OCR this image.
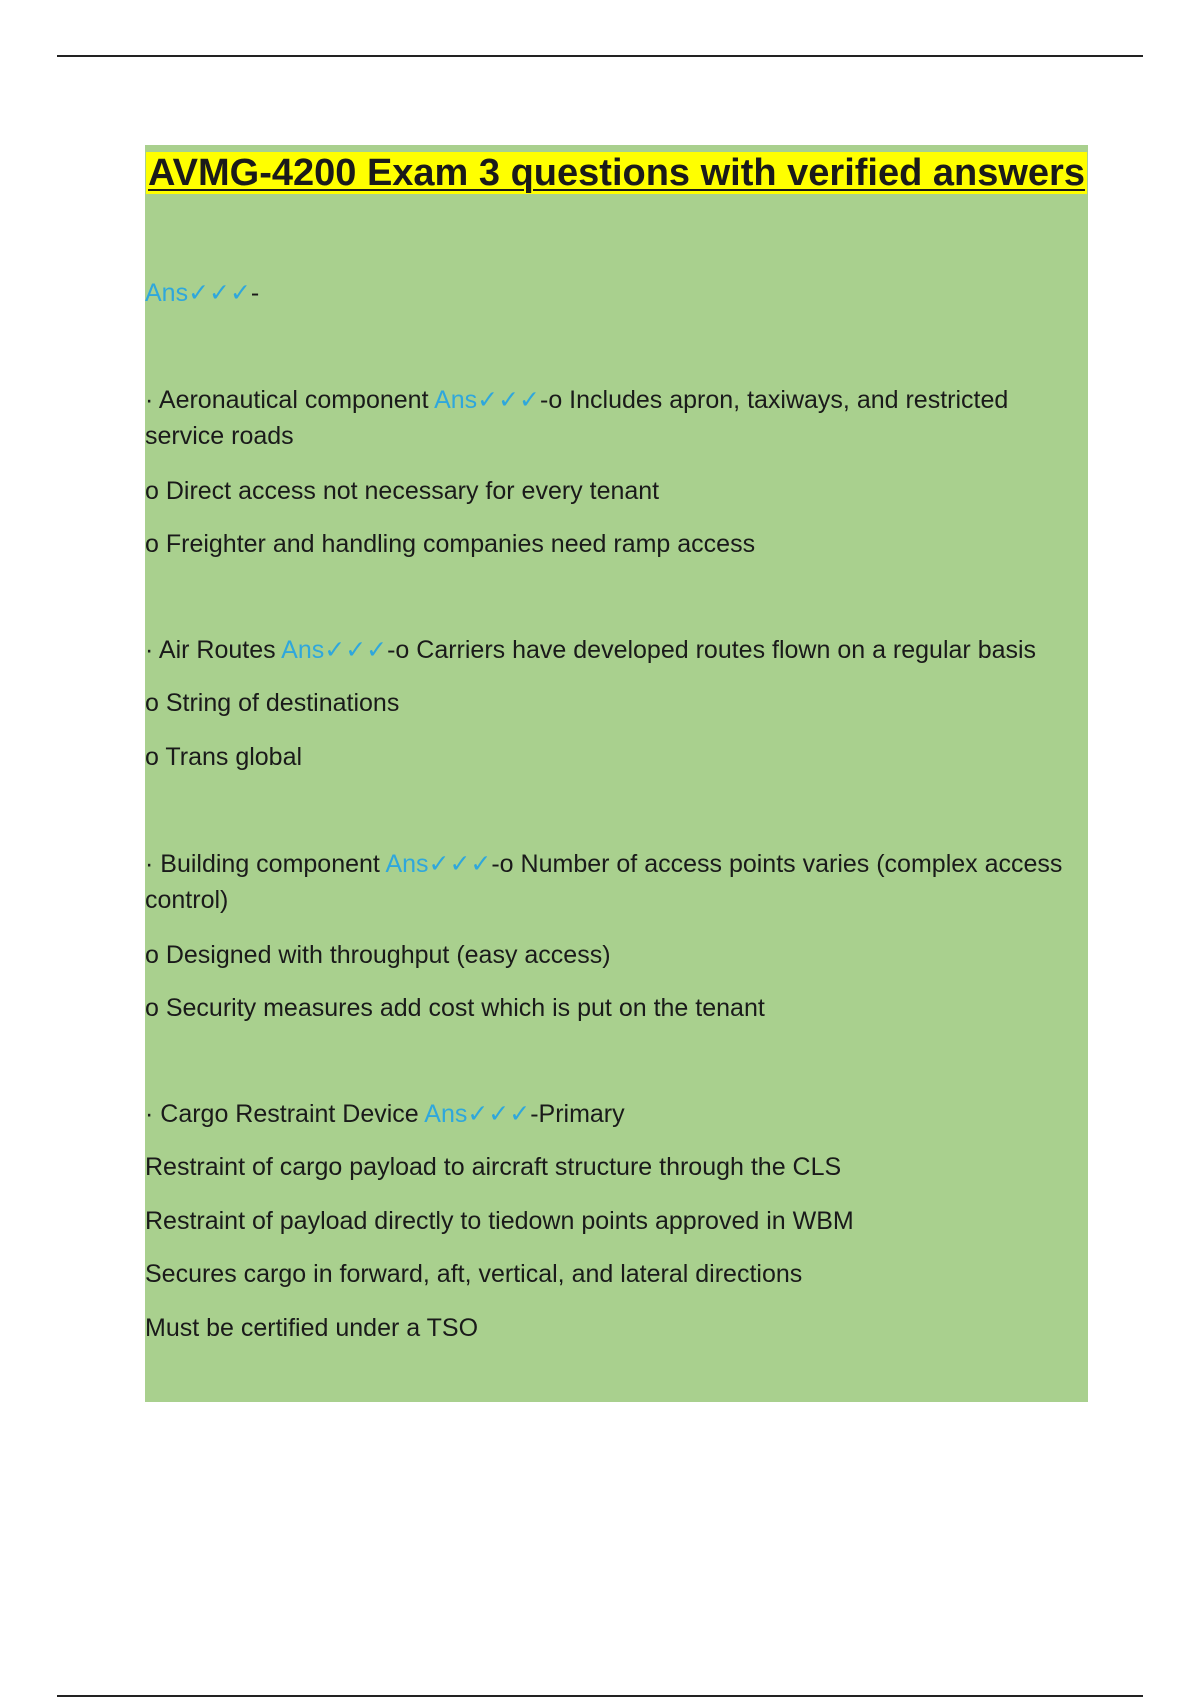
AVMG-4200 Exam 3 questions with verified answers
Ans✓✓✓-
· Aeronautical component Ans✓✓✓-o Includes apron, taxiways, and restricted service roads
o Direct access not necessary for every tenant
o Freighter and handling companies need ramp access
· Air Routes Ans✓✓✓-o Carriers have developed routes flown on a regular basis
o String of destinations
o Trans global
· Building component Ans✓✓✓-o Number of access points varies (complex access control)
o Designed with throughput (easy access)
o Security measures add cost which is put on the tenant
· Cargo Restraint Device Ans✓✓✓-Primary
Restraint of cargo payload to aircraft structure through the CLS
Restraint of payload directly to tiedown points approved in WBM
Secures cargo in forward, aft, vertical, and lateral directions
Must be certified under a TSO
